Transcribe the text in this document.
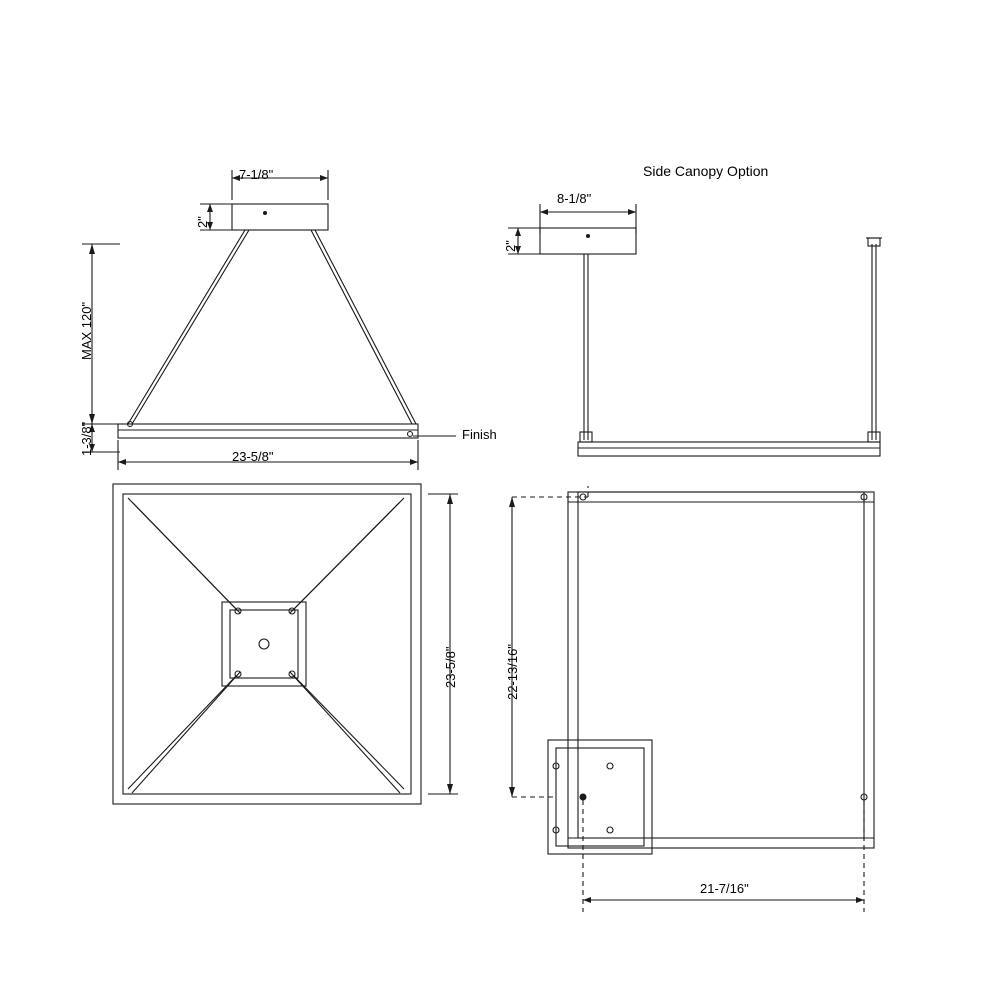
7-1/8"
2"
MAX 120"
1-3/8"
23-5/8"
Finish
Side Canopy Option
8-1/8"
2"
23-5/8"	22-13/16"
21-7/16"
